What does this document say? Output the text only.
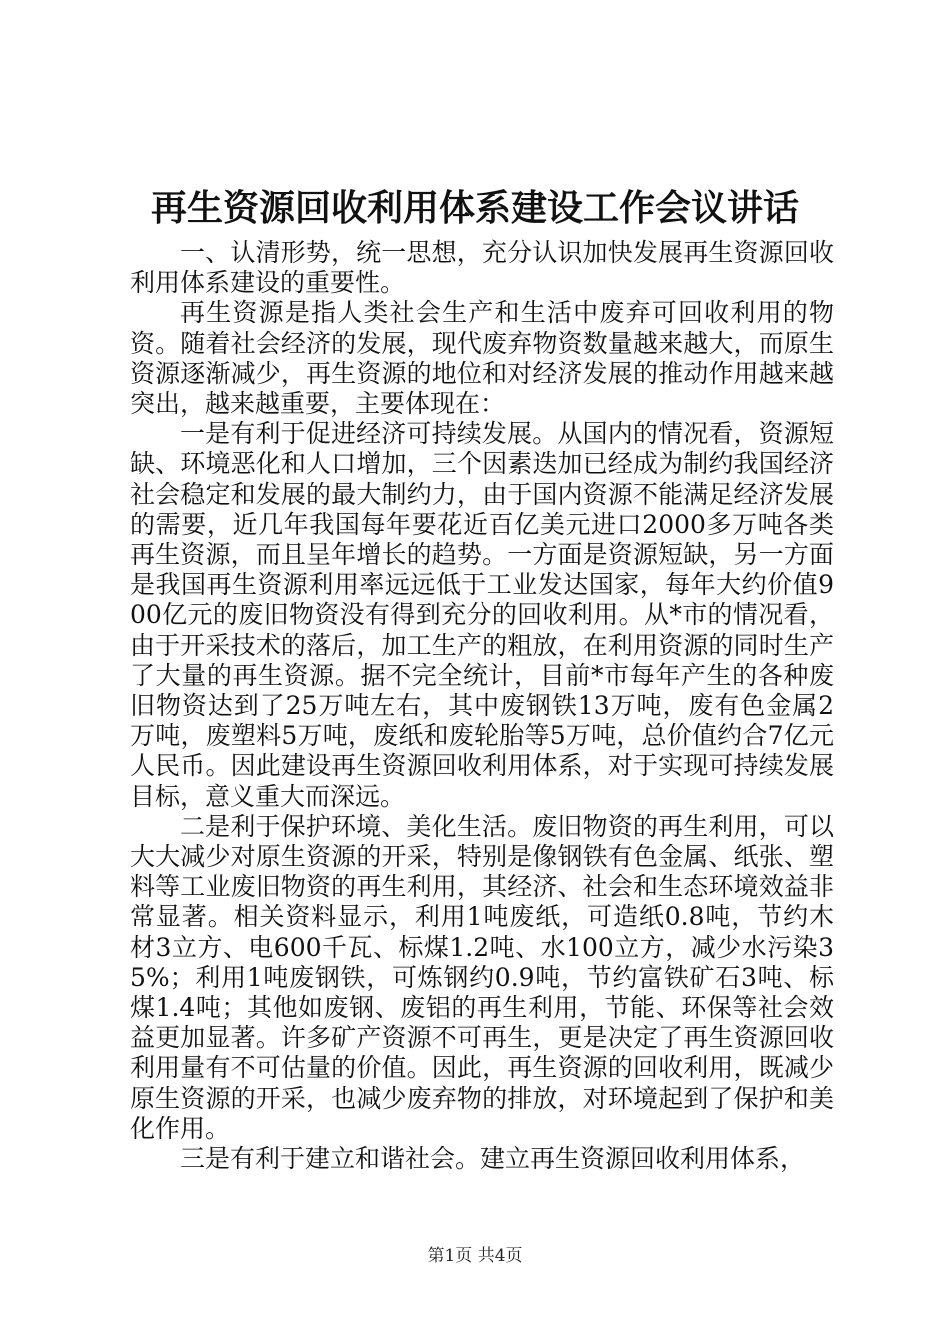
再生资源回收利用体系建设工作会议讲话

一、认清形势，统一思想，充分认识加快发展再生资源回收利用体系建设的重要性。

再生资源是指人类社会生产和生活中废弃可回收利用的物资。随着社会经济的发展，现代废弃物资数量越来越大，而原生资源逐渐减少，再生资源的地位和对经济发展的推动作用越来越突出，越来越重要，主要体现在：

一是有利于促进经济可持续发展。从国内的情况看，资源短缺、环境恶化和人口增加，三个因素迭加已经成为制约我国经济社会稳定和发展的最大制约力，由于国内资源不能满足经济发展的需要，近几年我国每年要花近百亿美元进口2000多万吨各类再生资源，而且呈年增长的趋势。一方面是资源短缺，另一方面是我国再生资源利用率远远低于工业发达国家，每年大约价值900亿元的废旧物资没有得到充分的回收利用。从*市的情况看，由于开采技术的落后，加工生产的粗放，在利用资源的同时生产了大量的再生资源。据不完全统计，目前*市每年产生的各种废旧物资达到了25万吨左右，其中废钢铁13万吨，废有色金属2万吨，废塑料5万吨，废纸和废轮胎等5万吨，总价值约合7亿元人民币。因此建设再生资源回收利用体系，对于实现可持续发展目标，意义重大而深远。

二是利于保护环境、美化生活。废旧物资的再生利用，可以大大减少对原生资源的开采，特别是像钢铁有色金属、纸张、塑料等工业废旧物资的再生利用，其经济、社会和生态环境效益非常显著。相关资料显示，利用1吨废纸，可造纸0.8吨，节约木材3立方、电600千瓦、标煤1.2吨、水100立方，减少水污染35%；利用1吨废钢铁，可炼钢约0.9吨，节约富铁矿石3吨、标煤1.4吨；其他如废钢、废铝的再生利用，节能、环保等社会效益更加显著。许多矿产资源不可再生，更是决定了再生资源回收利用量有不可估量的价值。因此，再生资源的回收利用，既减少原生资源的开采，也减少废弃物的排放，对环境起到了保护和美化作用。

三是有利于建立和谐社会。建立再生资源回收利用体系，

第1页 共4页
